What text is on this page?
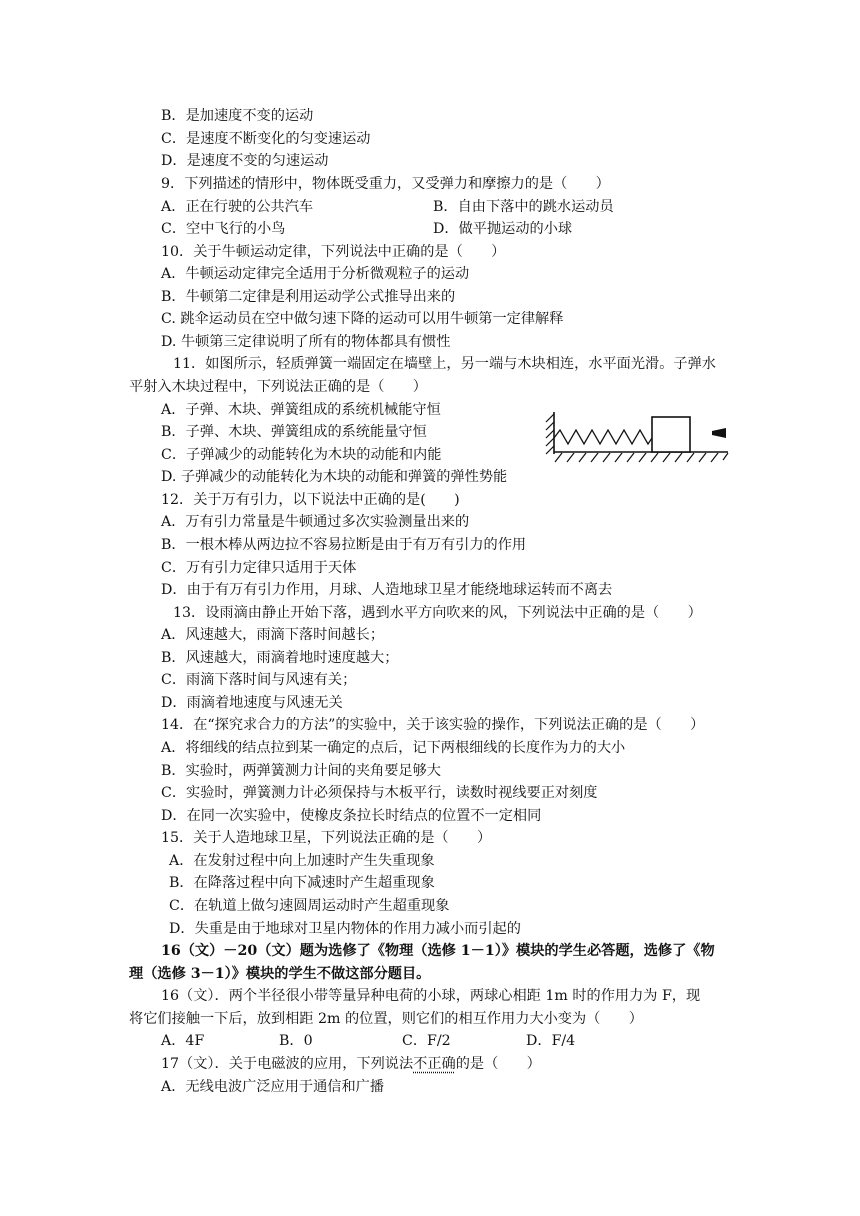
B．是加速度不变的运动
C．是速度不断变化的匀变速运动
D．是速度不变的匀速运动
9．下列描述的情形中，物体既受重力，又受弹力和摩擦力的是（　　）
A．正在行驶的公共汽车	B．自由下落中的跳水运动员
C．空中飞行的小鸟	D．做平抛运动的小球
10．关于牛顿运动定律，下列说法中正确的是（　　）
A．牛顿运动定律完全适用于分析微观粒子的运动
B．牛顿第二定律是利用运动学公式推导出来的
C. 跳伞运动员在空中做匀速下降的运动可以用牛顿第一定律解释
D. 牛顿第三定律说明了所有的物体都具有惯性
11．如图所示，轻质弹簧一端固定在墙壁上，另一端与木块相连，水平面光滑。子弹水
平射入木块过程中，下列说法正确的是（　　）
A．子弹、木块、弹簧组成的系统机械能守恒
B．子弹、木块、弹簧组成的系统能量守恒
C．子弹减少的动能转化为木块的动能和内能
D. 子弹减少的动能转化为木块的动能和弹簧的弹性势能
12．关于万有引力，以下说法中正确的是(　　)
A．万有引力常量是牛顿通过多次实验测量出来的
B．一根木棒从两边拉不容易拉断是由于有万有引力的作用
C．万有引力定律只适用于天体
D．由于有万有引力作用，月球、人造地球卫星才能绕地球运转而不离去
13．设雨滴由静止开始下落，遇到水平方向吹来的风，下列说法中正确的是（　　）
A．风速越大，雨滴下落时间越长；
B．风速越大，雨滴着地时速度越大；
C．雨滴下落时间与风速有关；
D．雨滴着地速度与风速无关
14．在“探究求合力的方法”的实验中，关于该实验的操作，下列说法正确的是（　　）
A．将细线的结点拉到某一确定的点后，记下两根细线的长度作为力的大小
B．实验时，两弹簧测力计间的夹角要足够大
C．实验时，弹簧测力计必须保持与木板平行，读数时视线要正对刻度
D．在同一次实验中，使橡皮条拉长时结点的位置不一定相同
15．关于人造地球卫星，下列说法正确的是（　　）
A．在发射过程中向上加速时产生失重现象
B．在降落过程中向下减速时产生超重现象
C．在轨道上做匀速圆周运动时产生超重现象
D．失重是由于地球对卫星内物体的作用力减小而引起的
16（文）－20（文）题为选修了《物理（选修 1－1）》模块的学生必答题，选修了《物
理（选修 3－1）》模块的学生不做这部分题目。
16（文）．两个半径很小带等量异种电荷的小球，两球心相距 1m 时的作用力为 F，现
将它们接触一下后，放到相距 2m 的位置，则它们的相互作用力大小变为（　　）
A．4F	B．0	C．F/2	D．F/4
17（文）．关于电磁波的应用，下列说法不正确的是（　　）
A．无线电波广泛应用于通信和广播
